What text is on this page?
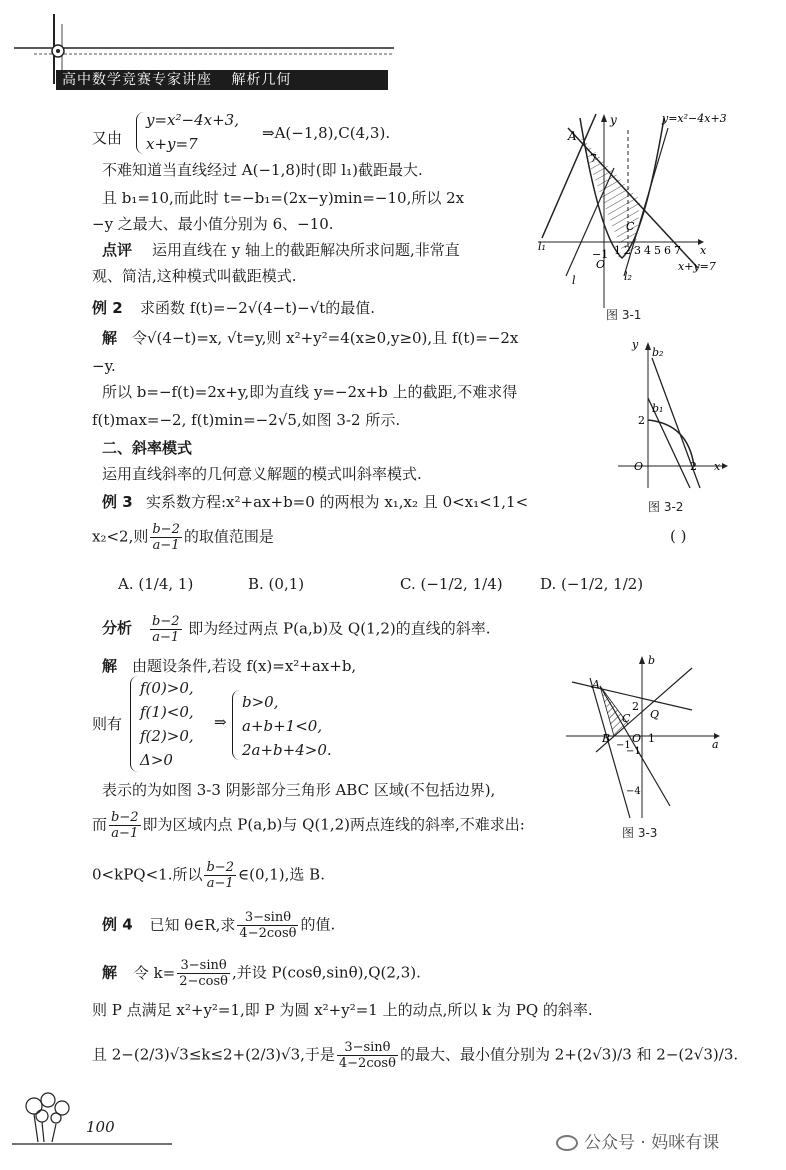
高中数学竞赛专家讲座 解析几何
又由
y=x²−4x+3,
x+y=7
⇒A(−1,8),C(4,3).
不难知道当直线经过 A(−1,8)时(即 l₁)截距最大.
且 b₁=10,而此时 t=−b₁=(2x−y)min=−10,所以 2x
−y 之最大、最小值分别为 6、−10.
点评 运用直线在 y 轴上的截距解决所求问题,非常直
观、简洁,这种模式叫截距模式.
A
y	y=x²−4x+3
7
C
l₁
l
−1
O
1 2 3 4 5 6 7 x
l₂
x+y=7
图 3-1
例 2 求函数 f(t)=−2√(4−t)−√t的最值.
解 令√(4−t)=x, √t=y,则 x²+y²=4(x≥0,y≥0),且 f(t)=−2x
−y.
所以 b=−f(t)=2x+y,即为直线 y=−2x+b 上的截距,不难求得
f(t)max=−2, f(t)min=−2√5,如图 3-2 所示.
二、斜率模式
运用直线斜率的几何意义解题的模式叫斜率模式.
y
b₂
b₁
2
O	2 x
图 3-2
例 3 实系数方程:x²+ax+b=0 的两根为 x₁,x₂ 且 0<x₁<1,1<
x₂<2,则 $\frac{b-2}{a-1}$ 的取值范围是	( )
A. (1/4, 1)	B. (0,1)	C. (−1/2, 1/4) D. (−1/2, 1/2)
分析 $\frac{b-2}{a-1}$ 即为经过两点 P(a,b)及 Q(1,2)的直线的斜率.
解 由题设条件,若设 f(x)=x²+ax+b,
则有
f(0)>0,
f(1)<0,
f(2)>0,
Δ>0
⇒
b>0,
a+b+1<0,
2a+b+4>0.
b
A
2
Q
C
B
−1
O 1	a
−1
−4
图 3-3
表示的为如图 3-3 阴影部分三角形 ABC 区域(不包括边界),
而 $\frac{b-2}{a-1}$ 即为区域内点 P(a,b)与 Q(1,2)两点连线的斜率,不难求出:
0<kPQ<1.所以 $\frac{b-2}{a-1}$ ∈(0,1),选 B.
例 4 已知 θ∈R,求 $\frac{3-\sin\theta}{4-2\cos\theta}$ 的值.
解 令 $k= \frac{3-\sin\theta}{2-\cos\theta}$ ,并设 P(cosθ,sinθ),Q(2,3).
则 P 点满足 x²+y²=1,即 P 为圆 x²+y²=1 上的动点,所以 k 为 PQ 的斜率.
且 2−(2/3)√3≤k≤2+(2/3)√3,于是 $\frac{3-\sin\theta}{4-2\cos\theta}$ 的最大、最小值分别为 2+(2√3)/3 和 2−(2√3)/3.
100
公众号 · 妈咪有课
